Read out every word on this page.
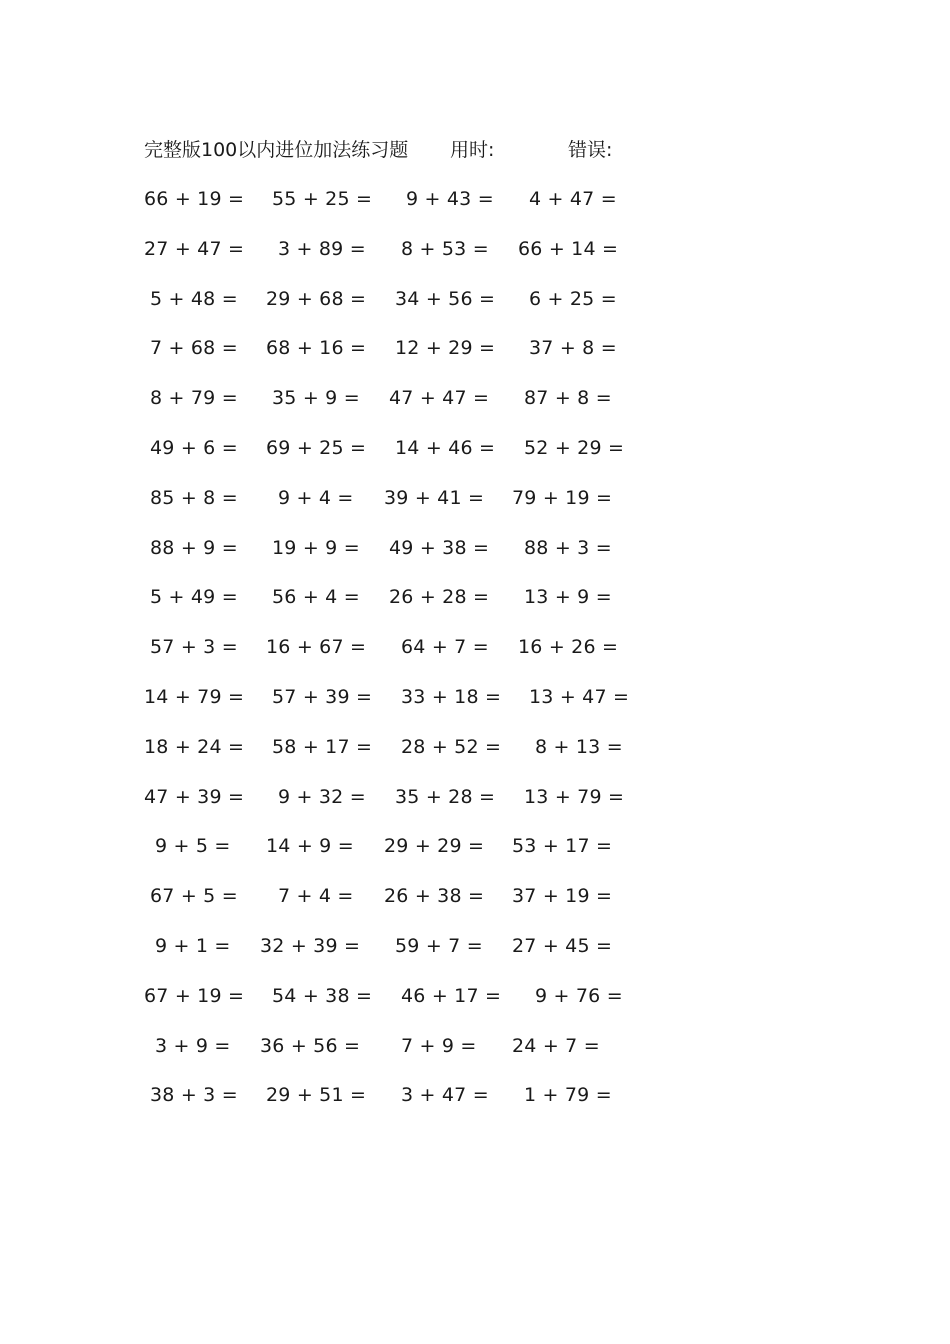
完整版100以内进位加法练习题 用时:	错误:
66 + 19 = 55 + 25 = 9 + 43 = 4 + 47 =
27 + 47 = 3 + 89 = 8 + 53 = 66 + 14 =
5 + 48 = 29 + 68 = 34 + 56 = 6 + 25 =
7 + 68 = 68 + 16 = 12 + 29 = 37 + 8 =
8 + 79 = 35 + 9 = 47 + 47 = 87 + 8 =
49 + 6 = 69 + 25 = 14 + 46 = 52 + 29 =
85 + 8 = 9 + 4 = 39 + 41 = 79 + 19 =
88 + 9 = 19 + 9 = 49 + 38 = 88 + 3 =
5 + 49 = 56 + 4 = 26 + 28 = 13 + 9 =
57 + 3 = 16 + 67 = 64 + 7 = 16 + 26 =
14 + 79 = 57 + 39 = 33 + 18 = 13 + 47 =
18 + 24 = 58 + 17 = 28 + 52 = 8 + 13 =
47 + 39 = 9 + 32 = 35 + 28 = 13 + 79 =
9 + 5 = 14 + 9 = 29 + 29 = 53 + 17 =
67 + 5 = 7 + 4 = 26 + 38 = 37 + 19 =
9 + 1 = 32 + 39 = 59 + 7 = 27 + 45 =
67 + 19 = 54 + 38 = 46 + 17 = 9 + 76 =
3 + 9 = 36 + 56 = 7 + 9 = 24 + 7 =
38 + 3 = 29 + 51 = 3 + 47 = 1 + 79 =
